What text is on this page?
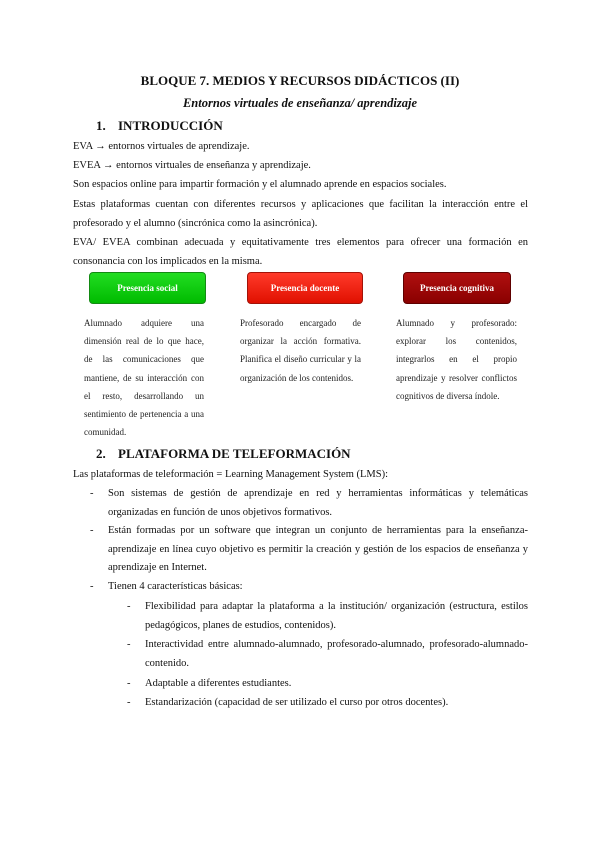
BLOQUE 7. MEDIOS Y RECURSOS DIDÁCTICOS (II)
Entornos virtuales de enseñanza/ aprendizaje
1. INTRODUCCIÓN
EVA → entornos virtuales de aprendizaje.
EVEA → entornos virtuales de enseñanza y aprendizaje.
Son espacios online para impartir formación y el alumnado aprende en espacios sociales.
Estas plataformas cuentan con diferentes recursos y aplicaciones que facilitan la interacción entre el profesorado y el alumno (sincrónica como la asincrónica).
EVA/ EVEA combinan adecuada y equitativamente tres elementos para ofrecer una formación en consonancia con los implicados en la misma.
Presencia social	Presencia docente	Presencia cognitiva
Alumnado adquiere una dimensión real de lo que hace, de las comunicaciones que mantiene, de su interacción con el resto, desarrollando un sentimiento de pertenencia a una comunidad.
Profesorado encargado de organizar la acción formativa. Planifica el diseño curricular y la organización de los contenidos.
Alumnado y profesorado: explorar los contenidos, integrarlos en el propio aprendizaje y resolver conflictos cognitivos de diversa índole.
2. PLATAFORMA DE TELEFORMACIÓN
Las plataformas de teleformación = Learning Management System (LMS):
- Son sistemas de gestión de aprendizaje en red y herramientas informáticas y telemáticas organizadas en función de unos objetivos formativos.
- Están formadas por un software que integran un conjunto de herramientas para la enseñanza-aprendizaje en línea cuyo objetivo es permitir la creación y gestión de los espacios de enseñanza y aprendizaje en Internet.
- Tienen 4 características básicas:
- Flexibilidad para adaptar la plataforma a la institución/ organización (estructura, estilos pedagógicos, planes de estudios, contenidos).
- Interactividad entre alumnado-alumnado, profesorado-alumnado, profesorado-alumnado-contenido.
- Adaptable a diferentes estudiantes.
- Estandarización (capacidad de ser utilizado el curso por otros docentes).
